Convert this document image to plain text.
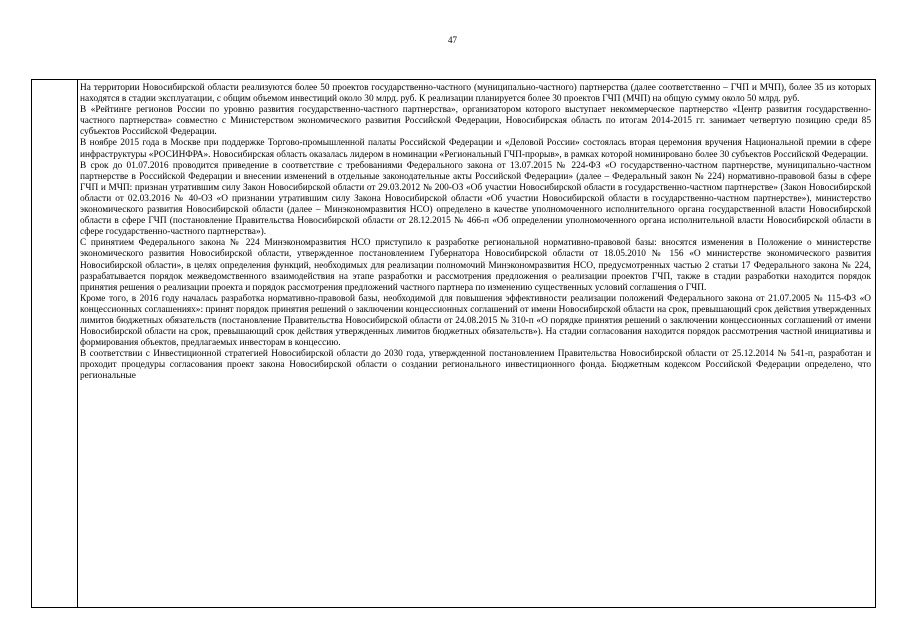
47

На территории Новосибирской области реализуются более 50 проектов государственно-частного (муниципально-частного) партнерства (далее соответственно – ГЧП и МЧП), более 35 из которых находятся в стадии эксплуатации, с общим объемом инвестиций около 30 млрд. руб. К реализации планируется более 30 проектов ГЧП (МЧП) на общую сумму около 50 млрд. руб.

В «Рейтинге регионов России по уровню развития государственно-частного партнерства», организатором которого выступает некоммерческое партнерство «Центр развития государственно-частного партнерства» совместно с Министерством экономического развития Российской Федерации, Новосибирская область по итогам 2014-2015 гг. занимает четвертую позицию среди 85 субъектов Российской Федерации.

В ноябре 2015 года в Москве при поддержке Торгово-промышленной палаты Российской Федерации и «Деловой России» состоялась вторая церемония вручения Национальной премии в сфере инфраструктуры «РОСИНФРА». Новосибирская область оказалась лидером в номинации «Региональный ГЧП-прорыв», в рамках которой номинировано более 30 субъектов Российской Федерации.

В срок до 01.07.2016 проводится приведение в соответствие с требованиями Федерального закона от 13.07.2015 № 224-ФЗ «О государственно-частном партнерстве, муниципально-частном партнерстве в Российской Федерации и внесении изменений в отдельные законодательные акты Российской Федерации» (далее – Федеральный закон № 224) нормативно-правовой базы в сфере ГЧП и МЧП: признан утратившим силу Закон Новосибирской области от 29.03.2012 № 200-ОЗ «Об участии Новосибирской области в государственно-частном партнерстве» (Закон Новосибирской области от 02.03.2016 № 40-ОЗ «О признании утратившим силу Закона Новосибирской области «Об участии Новосибирской области в государственно-частном партнерстве»), министерство экономического развития Новосибирской области (далее – Минэкономразвития НСО) определено в качестве уполномоченного исполнительного органа государственной власти Новосибирской области в сфере ГЧП (постановление Правительства Новосибирской области от 28.12.2015 № 466-п «Об определении уполномоченного органа исполнительной власти Новосибирской области в сфере государственно-частного партнерства»).

С принятием Федерального закона № 224 Минэкономразвития НСО приступило к разработке региональной нормативно-правовой базы: вносятся изменения в Положение о министерстве экономического развития Новосибирской области, утвержденное постановлением Губернатора Новосибирской области от 18.05.2010 № 156 «О министерстве экономического развития Новосибирской области», в целях определения функций, необходимых для реализации полномочий Минэкономразвития НСО, предусмотренных частью 2 статьи 17 Федерального закона № 224, разрабатывается порядок межведомственного взаимодействия на этапе разработки и рассмотрения предложения о реализации проектов ГЧП, также в стадии разработки находится порядок принятия решения о реализации проекта и порядок рассмотрения предложений частного партнера по изменению существенных условий соглашения о ГЧП.

Кроме того, в 2016 году началась разработка нормативно-правовой базы, необходимой для повышения эффективности реализации положений Федерального закона от 21.07.2005 № 115-ФЗ «О концессионных соглашениях»: принят порядок принятия решений о заключении концессионных соглашений от имени Новосибирской области на срок, превышающий срок действия утвержденных лимитов бюджетных обязательств (постановление Правительства Новосибирской области от 24.08.2015 № 310-п «О порядке принятия решений о заключении концессионных соглашений от имени Новосибирской области на срок, превышающий срок действия утвержденных лимитов бюджетных обязательств»). На стадии согласования находится порядок рассмотрения частной инициативы и формирования объектов, предлагаемых инвесторам в концессию.

В соответствии с Инвестиционной стратегией Новосибирской области до 2030 года, утвержденной постановлением Правительства Новосибирской области от 25.12.2014 № 541-п, разработан и проходит процедуры согласования проект закона Новосибирской области о создании регионального инвестиционного фонда. Бюджетным кодексом Российской Федерации определено, что региональные
